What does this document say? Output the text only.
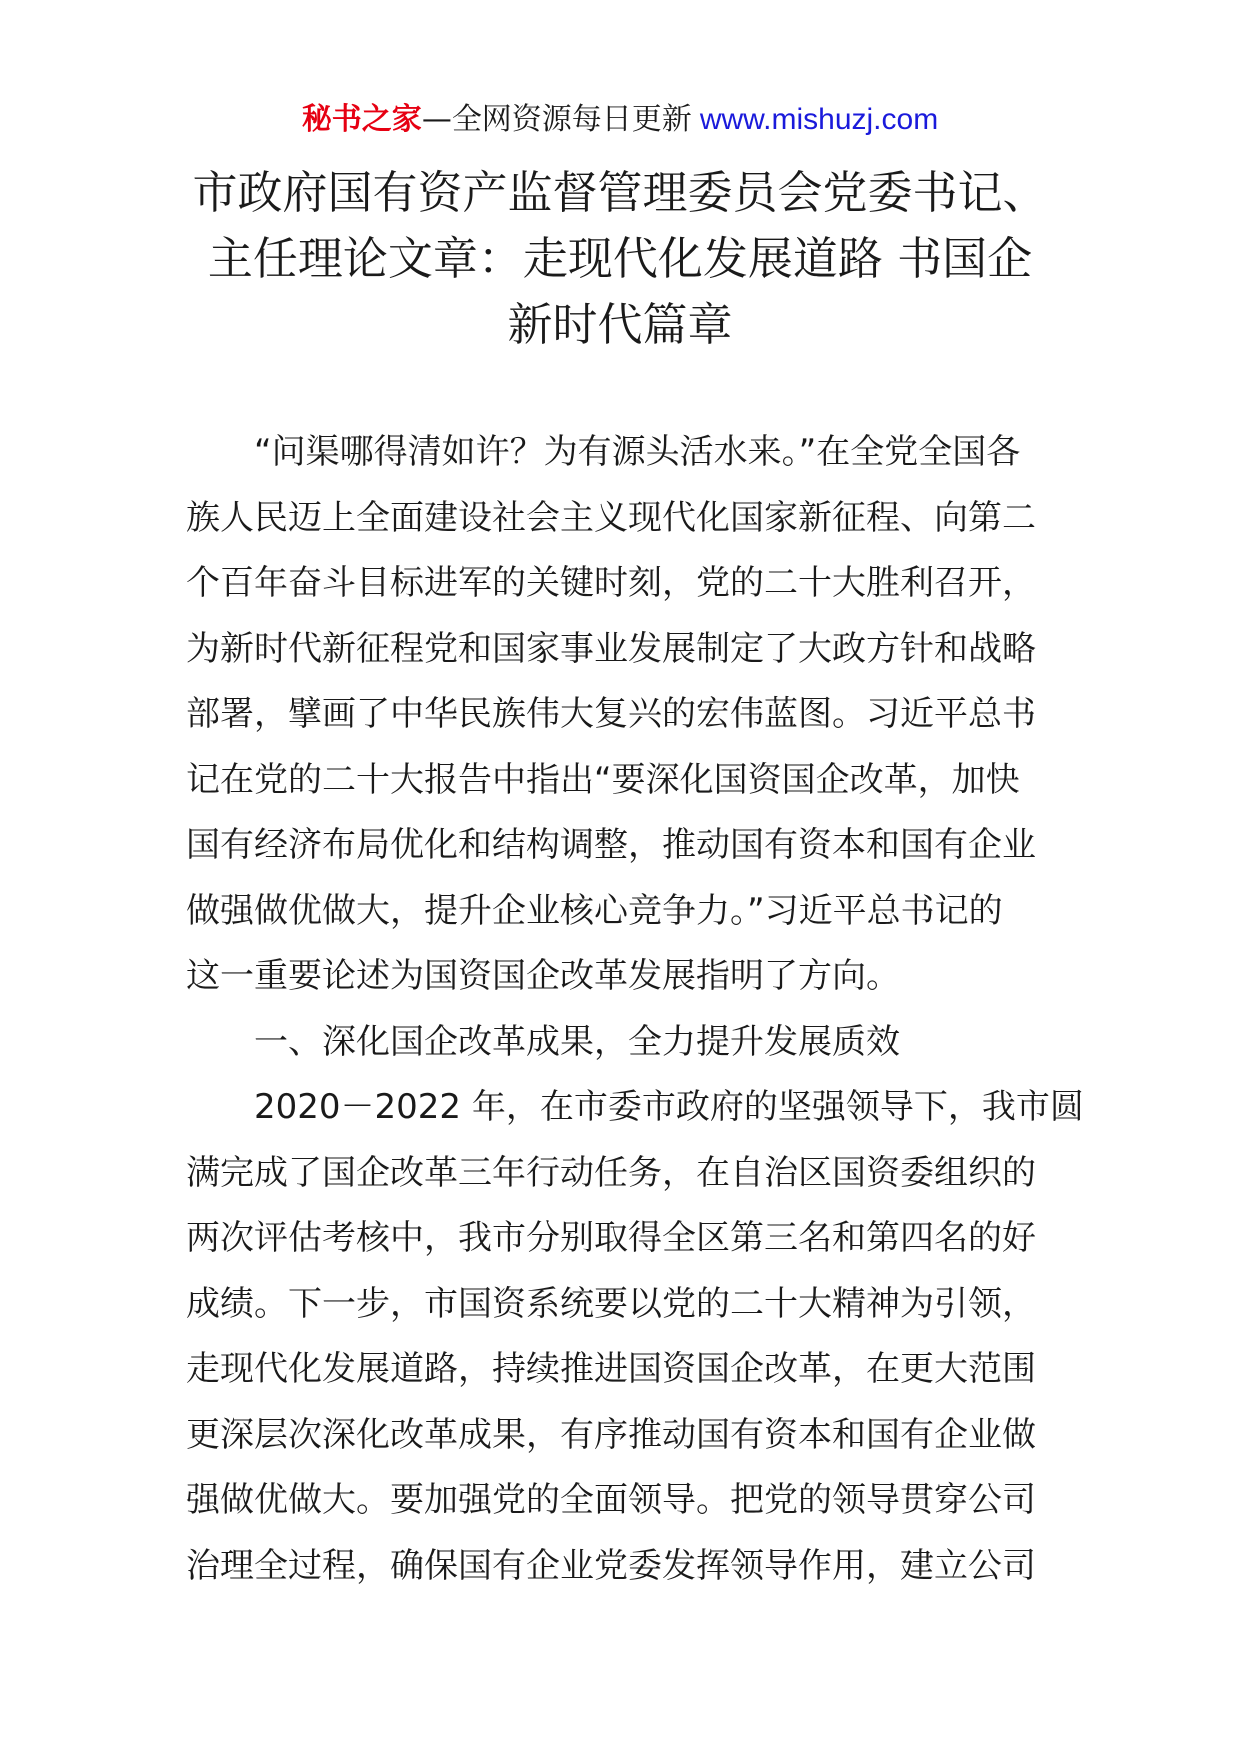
秘书之家—全网资源每日更新 www.mishuzj.com
市政府国有资产监督管理委员会党委书记、
主任理论文章：走现代化发展道路 书国企
新时代篇章
“问渠哪得清如许？为有源头活水来。”在全党全国各
族人民迈上全面建设社会主义现代化国家新征程、向第二
个百年奋斗目标进军的关键时刻，党的二十大胜利召开，
为新时代新征程党和国家事业发展制定了大政方针和战略
部署，擘画了中华民族伟大复兴的宏伟蓝图。习近平总书
记在党的二十大报告中指出“要深化国资国企改革，加快
国有经济布局优化和结构调整，推动国有资本和国有企业
做强做优做大，提升企业核心竞争力。”习近平总书记的
这一重要论述为国资国企改革发展指明了方向。
一、深化国企改革成果，全力提升发展质效
2020－2022 年，在市委市政府的坚强领导下，我市圆
满完成了国企改革三年行动任务，在自治区国资委组织的
两次评估考核中，我市分别取得全区第三名和第四名的好
成绩。下一步，市国资系统要以党的二十大精神为引领，
走现代化发展道路，持续推进国资国企改革，在更大范围
更深层次深化改革成果，有序推动国有资本和国有企业做
强做优做大。要加强党的全面领导。把党的领导贯穿公司
治理全过程，确保国有企业党委发挥领导作用，建立公司
